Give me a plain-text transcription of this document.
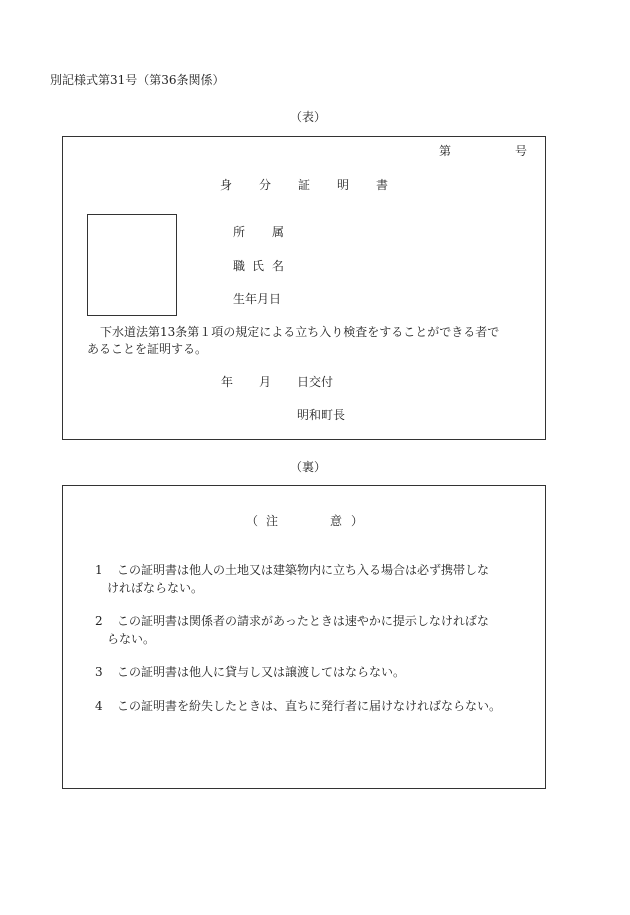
別記様式第31号（第36条関係）
（表）
第	号
身 分 証 明 書
所 属
職 氏 名
生年月日
下水道法第13条第１項の規定による立ち入り検査をすることができる者で
あることを証明する。
年 月 日交付
明和町長
（裏）
（ 注	意 ）
1 この証明書は他人の土地又は建築物内に立ち入る場合は必ず携帯しな
ければならない。
2 この証明書は関係者の請求があったときは速やかに提示しなければな
らない。
3 この証明書は他人に貸与し又は譲渡してはならない。
4 この証明書を紛失したときは、直ちに発行者に届けなければならない。
